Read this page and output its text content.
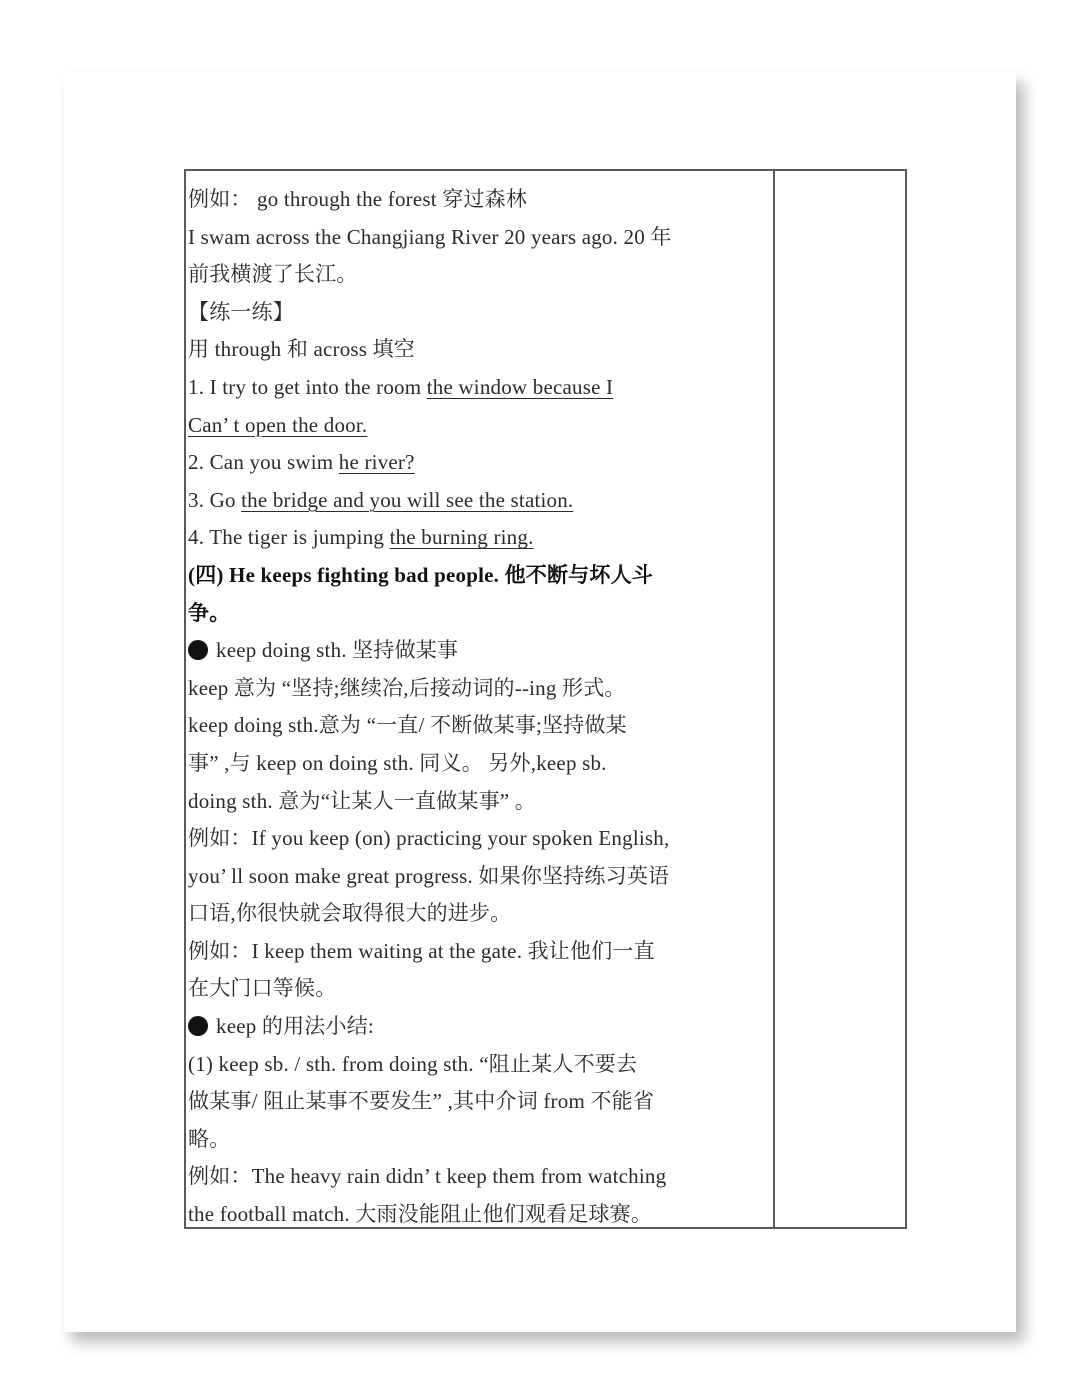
例如： go through the forest 穿过森林
I swam across the Changjiang River 20 years ago. 20 年
前我横渡了长江。
【练一练】
用 through 和 across 填空
1. I try to get into the room the window because I
Can’ t open the door.
2. Can you swim he river?
3. Go the bridge and you will see the station.
4. The tiger is jumping the burning ring.
(四) He keeps fighting bad people. 他不断与坏人斗
争。
keep doing sth. 坚持做某事
keep 意为 “坚持;继续冶,后接动词的--ing 形式。
keep doing sth.意为 “一直/ 不断做某事;坚持做某
事” ,与 keep on doing sth. 同义。 另外,keep sb.
doing sth. 意为“让某人一直做某事” 。
例如：If you keep (on) practicing your spoken English,
you’ ll soon make great progress. 如果你坚持练习英语
口语,你很快就会取得很大的进步。
例如：I keep them waiting at the gate. 我让他们一直
在大门口等候。
keep 的用法小结:
(1) keep sb. / sth. from doing sth. “阻止某人不要去
做某事/ 阻止某事不要发生” ,其中介词 from 不能省
略。
例如：The heavy rain didn’ t keep them from watching
the football match. 大雨没能阻止他们观看足球赛。
